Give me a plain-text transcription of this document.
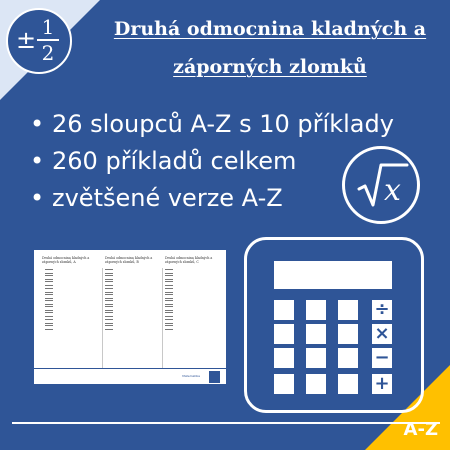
± 1
2
Druhá odmocnina kladných a
záporných zlomků
• 26 sloupců A-Z s 10 příklady
• 260 příkladů celkem
• zvětšené verze A-Z	x
Druhá odmocnina kladných a záporných zlomků, A
Druhá odmocnina kladných a záporných zlomků, B
Druhá odmocnina kladných a záporných zlomků, C
Matematika
÷
×
−
+
A-Z
